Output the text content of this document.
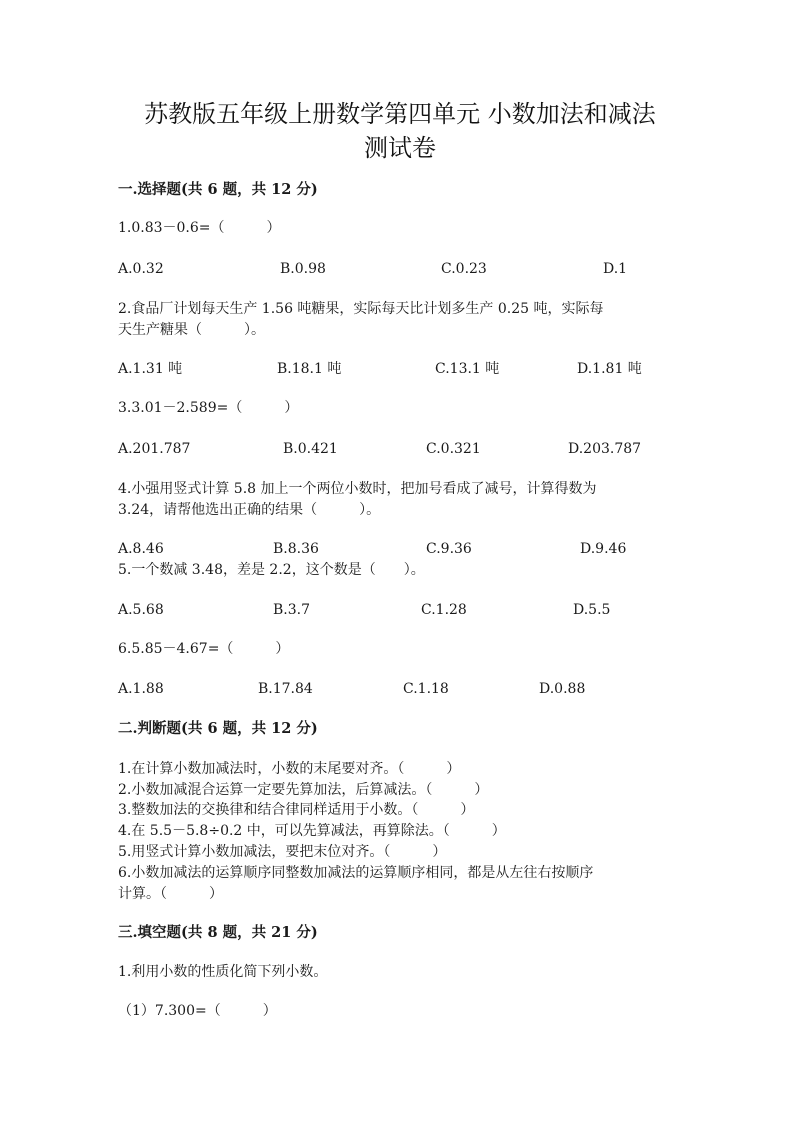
苏教版五年级上册数学第四单元 小数加法和减法
测试卷
一.选择题(共 6 题，共 12 分)
1.0.83－0.6=（　　　）
A.0.32	B.0.98	C.0.23	D.1
2.食品厂计划每天生产 1.56 吨糖果，实际每天比计划多生产 0.25 吨，实际每
天生产糖果（　　　）。
A.1.31 吨	B.18.1 吨	C.13.1 吨	D.1.81 吨
3.3.01－2.589=（　　　）
A.201.787	B.0.421	C.0.321	D.203.787
4.小强用竖式计算 5.8 加上一个两位小数时，把加号看成了减号，计算得数为
3.24，请帮他选出正确的结果（　　　）。
A.8.46	B.8.36	C.9.36	D.9.46
5.一个数减 3.48，差是 2.2，这个数是（　　）。
A.5.68	B.3.7	C.1.28	D.5.5
6.5.85－4.67=（　　　）
A.1.88	B.17.84	C.1.18	D.0.88
二.判断题(共 6 题，共 12 分)
1.在计算小数加减法时，小数的末尾要对齐。（　　　）
2.小数加减混合运算一定要先算加法，后算减法。（　　　）
3.整数加法的交换律和结合律同样适用于小数。（　　　）
4.在 5.5－5.8÷0.2 中，可以先算减法，再算除法。（　　　）
5.用竖式计算小数加减法，要把末位对齐。（　　　）
6.小数加减法的运算顺序同整数加减法的运算顺序相同，都是从左往右按顺序
计算。（　　　）
三.填空题(共 8 题，共 21 分)
1.利用小数的性质化简下列小数。
（1）7.300=（　　　）
